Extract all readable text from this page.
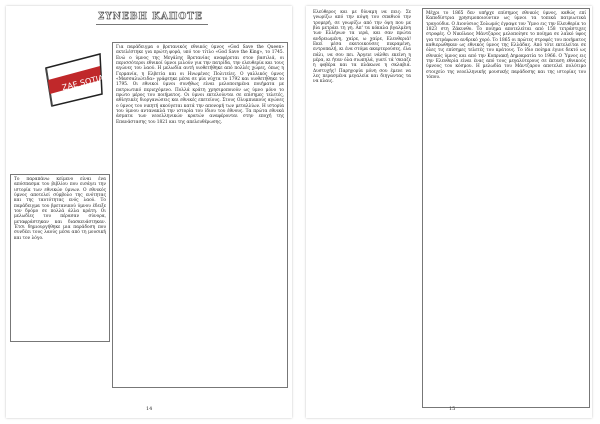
ΣΥΝΕΒΗ ΚΑΠΟΤΕ
ZAE SOTIA
Το παραπάνω κείμενο είναι ένα απόσπασμα του βιβλίου που εισάγει την ιστορία των εθνικών ύμνων. Ο εθνικός ύμνος αποτελεί σύμβολο της ενότητας και της ταυτότητας ενός λαού. Το παράδειγμα του βρετανικού ύμνου έδειξε τον δρόμο σε πολλά άλλα κράτη. Οι μελωδίες του πέρασαν σύνορα, μεταφράστηκαν και διασκευάστηκαν. Έτσι δημιουργήθηκε μια παράδοση που συνδέει τους λαούς μέσα από τη μουσική και τον λόγο.
Για παράδειγμα ο βρετανικός εθνικός ύμνος «God Save the Queen» εκτελέστηκε για πρώτη φορά, υπό τον τίτλο «God Save the King», το 1745. Ενώ ο ύμνος της Μεγάλης Βρετανίας αναφέρεται στον βασιλιά, οι περισσότεροι εθνικοί ύμνοι μιλούν για την πατρίδα, την ελευθερία και τους αγώνες του λαού. Η μελωδία αυτή υιοθετήθηκε από πολλές χώρες, όπως η Γερμανία, η Ελβετία και οι Ηνωμένες Πολιτείες. Ο γαλλικός ύμνος «Μασσαλιώτιδα» γράφτηκε μέσα σε μία νύχτα το 1792 και υιοθετήθηκε το 1795. Οι εθνικοί ύμνοι συνήθως είναι μελοποιημένα ποιήματα με πατριωτικό περιεχόμενο. Πολλά κράτη χρησιμοποιούν ως ύμνο μόνο το πρώτο μέρος του ποιήματος. Οι ύμνοι εκτελούνται σε επίσημες τελετές, αθλητικές διοργανώσεις και εθνικές επετείους. Στους Ολυμπιακούς αγώνες ο ύμνος του νικητή ακούγεται κατά την απονομή των μεταλλίων. Η ιστορία του ύμνου αντανακλά την ιστορία του ίδιου του έθνους. Τα πρώτα εθνικά άσματα των νεοελληνικών κρατών αναφέρονται στην εποχή της Επανάστασης του 1821 και της απελευθέρωσης.
14
Ελεύθερος και με δύναμη να πεις: Σε γνωρίζω από την κόψη του σπαθιού την τρομερή, σε γνωρίζω από την όψη που με βία μετράει τη γη. Απ' τα κόκαλα βγαλμένη των Ελλήνων τα ιερά, και σαν πρώτα ανδρειωμένη, χαίρε, ω χαίρε, Ελευθεριά! Εκεί μέσα εκατοικούσες πικραμένη, εντροπαλή, κι ένα στόμα ακαρτερούσες, έλα πάλι, να σου πει. Άργειε νάλθει εκείνη η μέρα, κι ήταν όλα σιωπηλά, γιατί τά 'σκιαζε η φοβέρα και τα πλάκωνε η σκλαβιά. Δυστυχής! Παρηγορία μόνη σου έμενε να λες περασμένα μεγαλεία και διηγώντας τα να κλαις.
Μέχρι το 1865 δεν υπήρχε επίσημος εθνικός ύμνος, καθώς επί Καποδίστρια χρησιμοποιούνταν ως ύμνοι τα τοπικά πατριωτικά τραγούδια. Ο Διονύσιος Σολωμός έγραψε τον Ύμνο εις την Ελευθερία το 1823 στη Ζάκυνθο. Το ποίημα αποτελείται από 158 τετράστιχες στροφές. Ο Νικόλαος Μάντζαρος μελοποίησε το ποίημα σε λαϊκό ύφος για τετράφωνο ανδρικό χορό. Το 1865 οι πρώτες στροφές του ποιήματος καθιερώθηκαν ως εθνικός ύμνος της Ελλάδας. Από τότε εκτελείται σε όλες τις επίσημες τελετές του κράτους. Το ίδιο ποίημα έγινε δεκτό ως εθνικός ύμνος και από την Κυπριακή Δημοκρατία το 1966. Ο Ύμνος εις την Ελευθερία είναι ένας από τους μεγαλύτερους σε έκταση εθνικούς ύμνους του κόσμου. Η μελωδία του Μάντζαρου αποτελεί πολύτιμο στοιχείο της νεοελληνικής μουσικής παράδοσης και της ιστορίας του τόπου.
15
